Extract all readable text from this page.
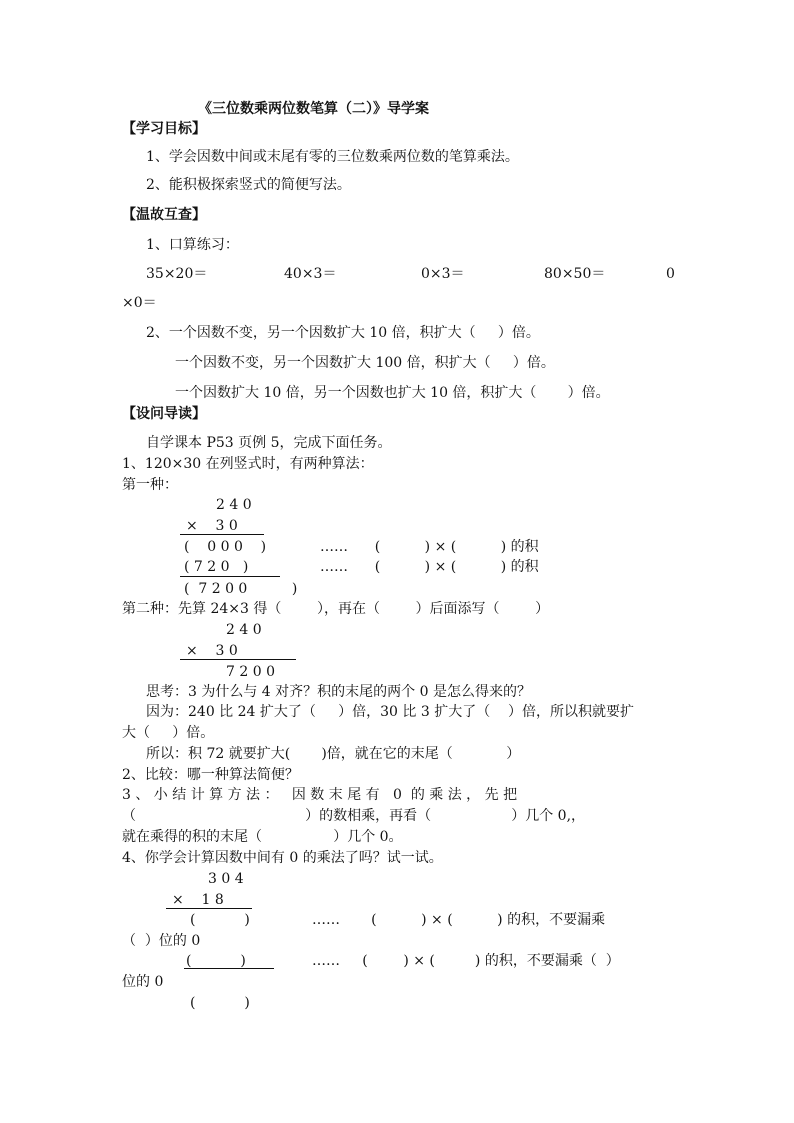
《三位数乘两位数笔算（二）》导学案
【学习目标】
1、学会因数中间或末尾有零的三位数乘两位数的笔算乘法。
2、能积极探索竖式的简便写法。
【温故互查】
1、口算练习：
35×20＝	40×3＝	0×3＝	80×50＝	0
×0＝
2、一个因数不变，另一个因数扩大 10 倍，积扩大（     ）倍。
一个因数不变，另一个因数扩大 100 倍，积扩大（     ）倍。
一个因数扩大 10 倍，另一个因数也扩大 10 倍，积扩大（       ）倍。
【设问导读】
自学课本 P53 页例 5，完成下面任务。
1、120×30 在列竖式时，有两种算法：
第一种：
2 4 0
×    3 0
(    0 0 0    )	……      (          ) × (          ) 的积
( 7 2 0   )	……      (          ) × (          ) 的积
(  7 2 0 0          )
第二种：先算 24×3 得（        ），再在（        ）后面添写（        ）
2 4 0
×    3 0
7 2 0 0
思考：3 为什么与 4 对齐？积的末尾的两个 0 是怎么得来的？
因为：240 比 24 扩大了（     ）倍，30 比 3 扩大了（    ）倍，所以积就要扩
大（     ）倍。
所以：积 72 就要扩大(       )倍，就在它的末尾（            ）
2、比较：哪一种算法简便？
3 、 小 结 计 算 方 法 ：   因 数 末 尾 有   0  的 乘 法 ， 先 把
（                                      ）的数相乘，再看（                  ）几个 0,，
就在乘得的积的末尾（                ）几个 0。
4、你学会计算因数中间有 0 的乘法了吗？试一试。
3 0 4
×    1 8
(           )	……       (          ) × (          ) 的积，不要漏乘
（  ）位的 0
(           )	……     (        ) × (         ) 的积，不要漏乘（  ）
位的 0
(           )
